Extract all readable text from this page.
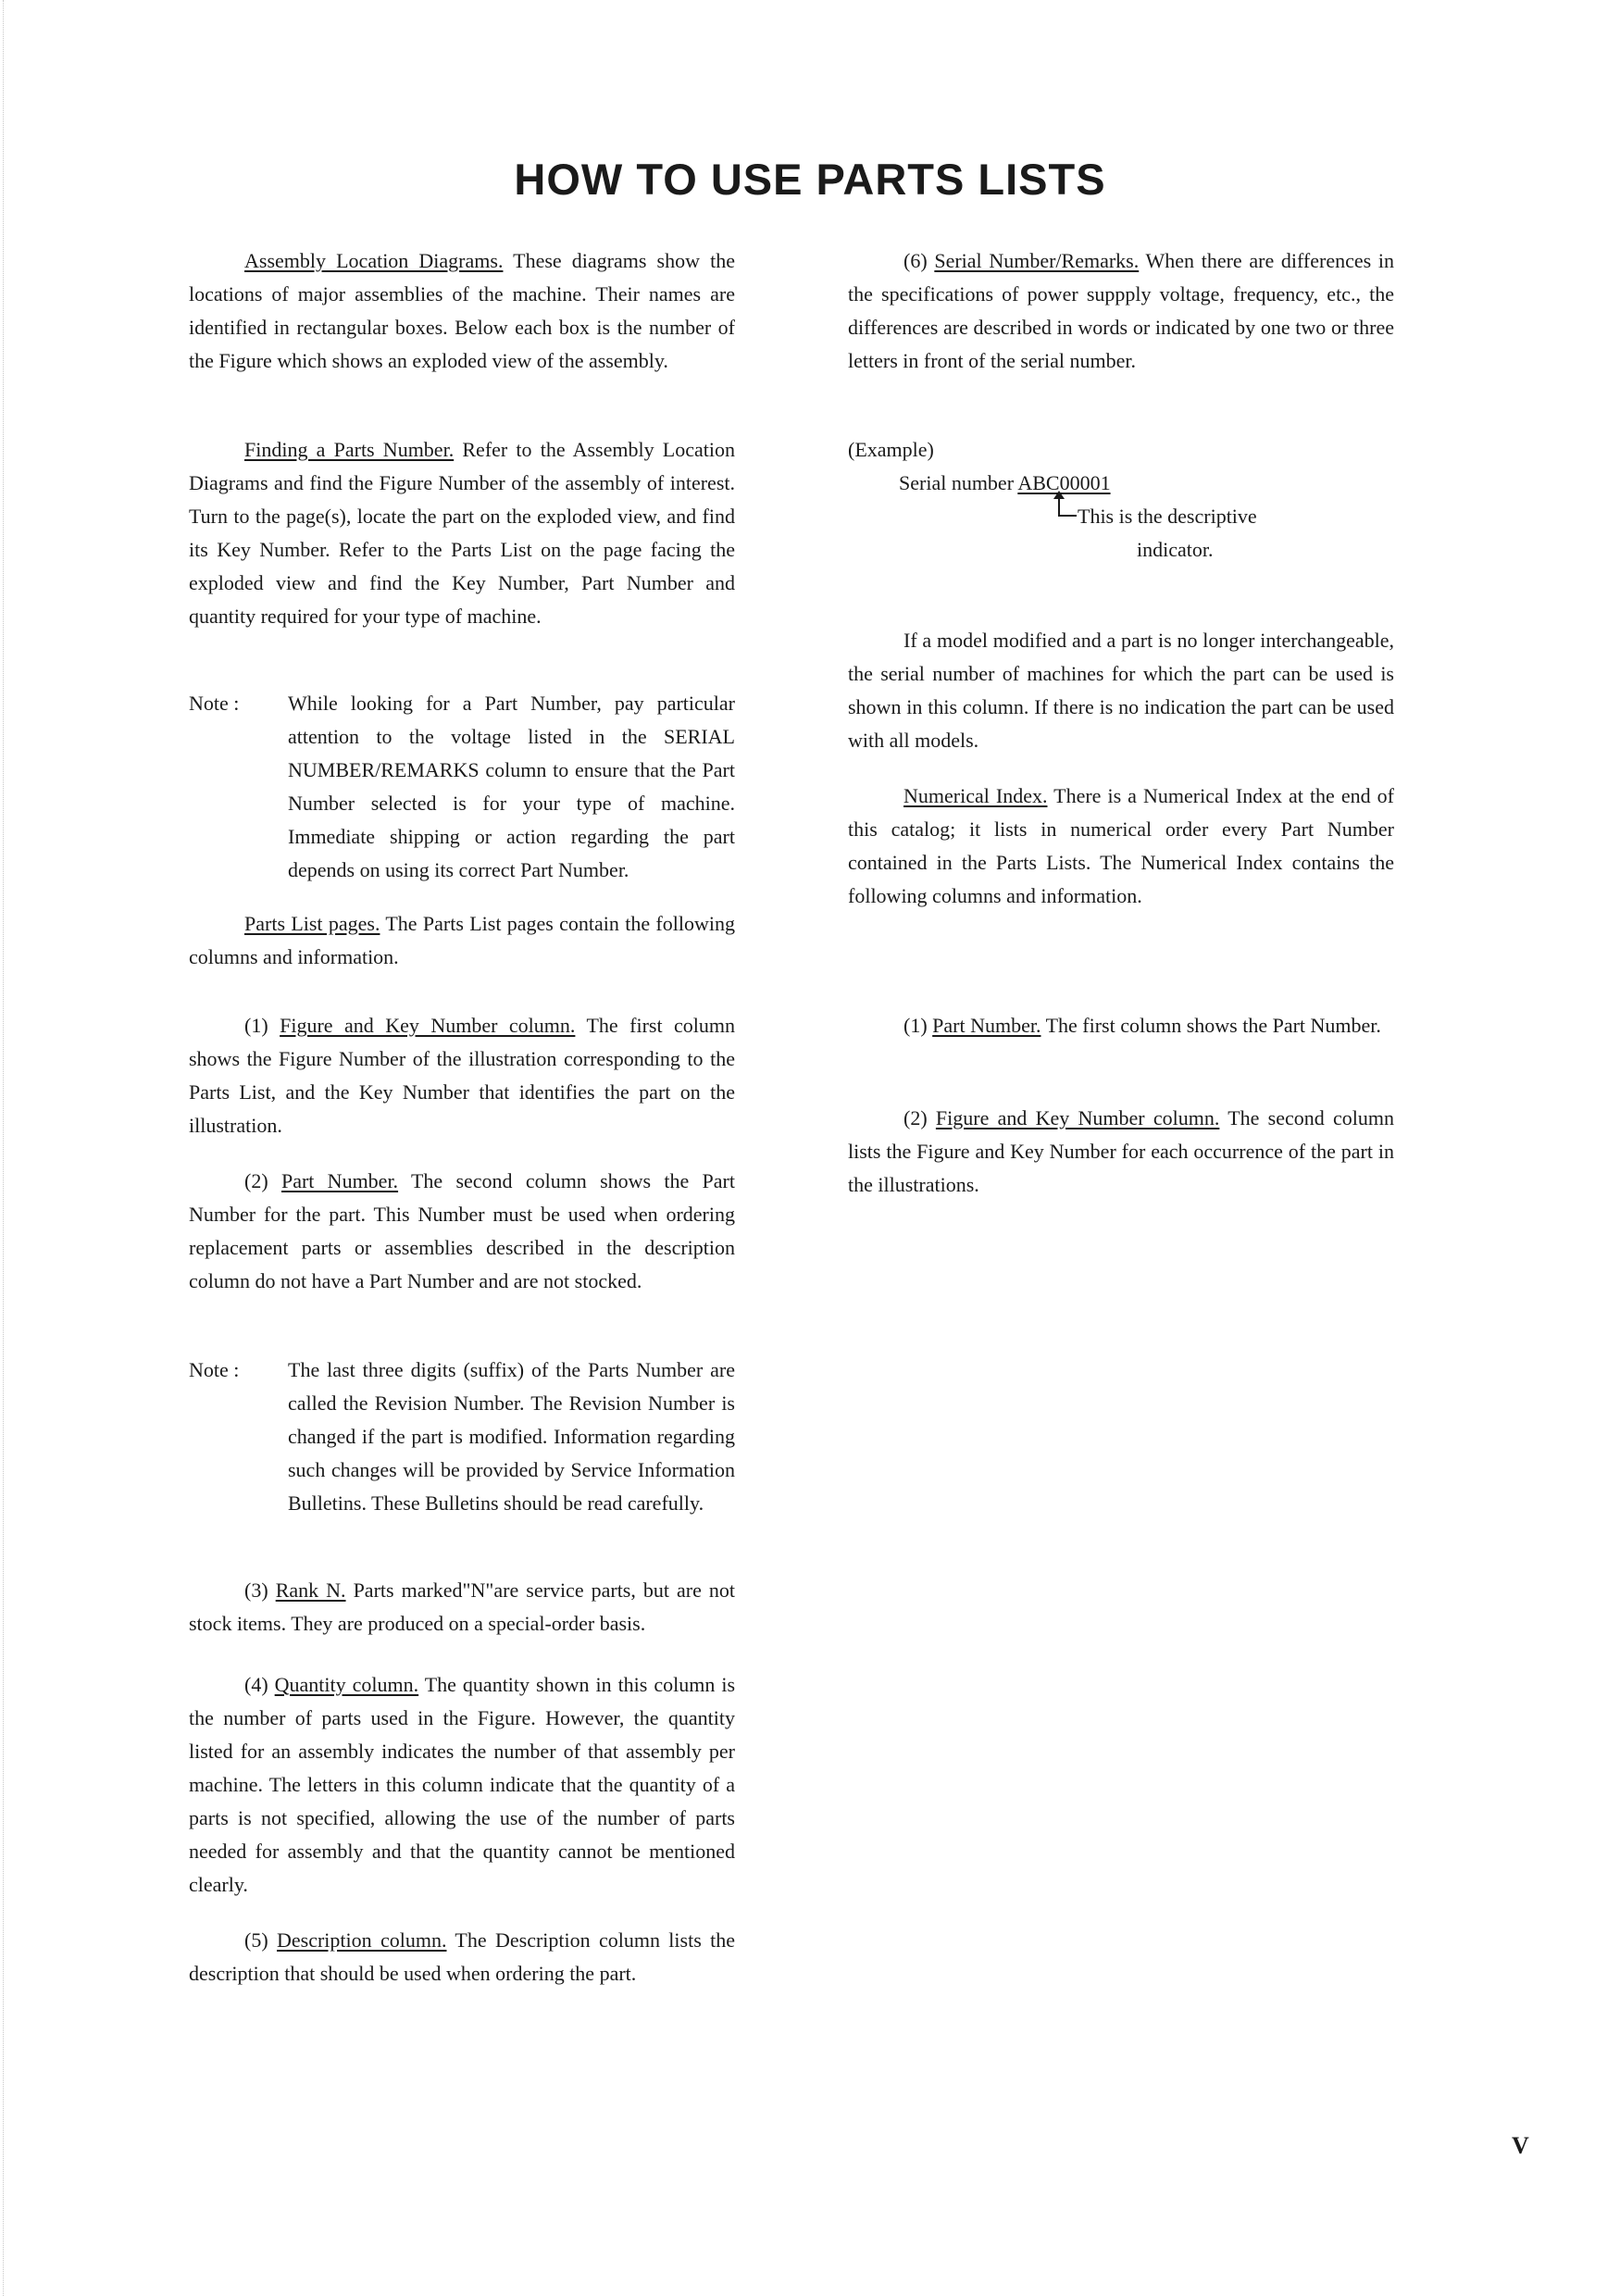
HOW TO USE PARTS LISTS

Assembly Location Diagrams. These diagrams show the locations of major assemblies of the machine. Their names are identified in rectangular boxes. Below each box is the number of the Figure which shows an exploded view of the assembly.

Finding a Parts Number. Refer to the Assembly Location Diagrams and find the Figure Number of the assembly of interest. Turn to the page(s), locate the part on the exploded view, and find its Key Number. Refer to the Parts List on the page facing the exploded view and find the Key Number, Part Number and quantity required for your type of machine.

Note :	While looking for a Part Number, pay particular attention to the voltage listed in the SERIAL NUMBER/REMARKS column to ensure that the Part Number selected is for your type of machine. Immediate shipping or action regarding the part depends on using its correct Part Number.

Parts List pages. The Parts List pages contain the following columns and information.

(1) Figure and Key Number column. The first column shows the Figure Number of the illustration corresponding to the Parts List, and the Key Number that identifies the part on the illustration.

(2) Part Number. The second column shows the Part Number for the part. This Number must be used when ordering replacement parts or assemblies described in the description column do not have a Part Number and are not stocked.

Note :	The last three digits (suffix) of the Parts Number are called the Revision Number. The Revision Number is changed if the part is modified. Information regarding such changes will be provided by Service Information Bulletins. These Bulletins should be read carefully.

(3) Rank N. Parts marked"N"are service parts, but are not stock items. They are produced on a special-order basis.

(4) Quantity column. The quantity shown in this column is the number of parts used in the Figure. However, the quantity listed for an assembly indicates the number of that assembly per machine. The letters in this column indicate that the quantity of a parts is not specified, allowing the use of the number of parts needed for assembly and that the quantity cannot be mentioned clearly.

(5) Description column. The Description column lists the description that should be used when ordering the part.

(6) Serial Number/Remarks. When there are differences in the specifications of power suppply voltage, frequency, etc., the differences are described in words or indicated by one two or three letters in front of the serial number.

(Example)
Serial number ABC00001
This is the descriptive
indicator.

If a model modified and a part is no longer interchangeable, the serial number of machines for which the part can be used is shown in this column. If there is no indication the part can be used with all models.

Numerical Index. There is a Numerical Index at the end of this catalog; it lists in numerical order every Part Number contained in the Parts Lists. The Numerical Index contains the following columns and information.

(1) Part Number. The first column shows the Part Number.

(2) Figure and Key Number column. The second column lists the Figure and Key Number for each occurrence of the part in the illustrations.

V
